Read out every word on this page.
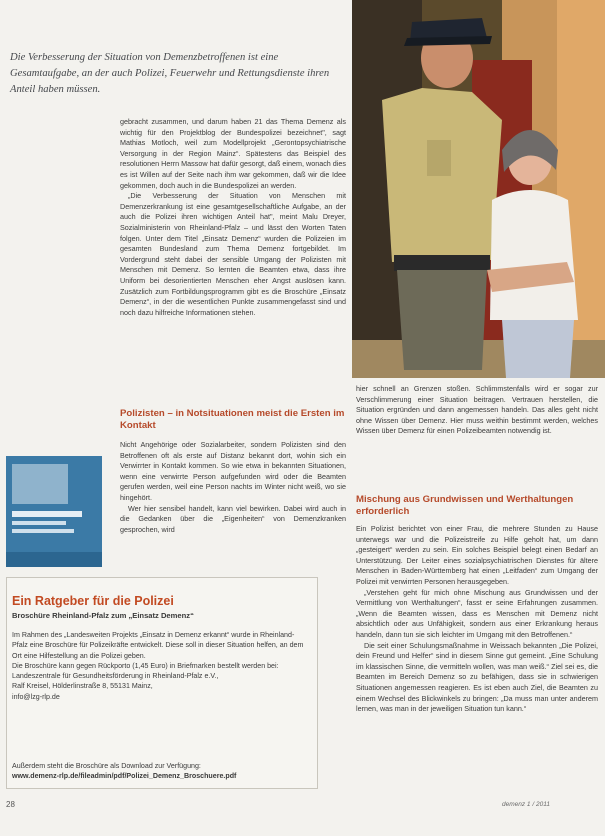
Die Verbesserung der Situation von Demenzbetroffenen ist eine Gesamtaufgabe, an der auch Polizei, Feuerwehr und Rettungsdienste ihren Anteil haben müssen.

gebracht zusammen, und darum haben 21 das Thema Demenz als wichtig für den Projektblog der Bundespolizei bezeichnet", sagt Mathias Motloch, weil zum Modellprojekt „Gerontopsychiatrische Versorgung in der Region Mainz“. Spätestens das Beispiel des resolutionen Herrn Massow hat dafür gesorgt, daß einem, wonach dies es ist Willen auf der Seite nach ihm war gekommen, daß wir die Idee gekommen, doch auch in die Bundespolizei an werden.

„Die Verbesserung der Situation von Menschen mit Demenzerkrankung ist eine gesamtgesellschaftliche Aufgabe, an der auch die Polizei ihren wichtigen Anteil hat", meint Malu Dreyer, Sozialministerin von Rheinland-Pfalz – und lässt den Worten Taten folgen. Unter dem Titel „Einsatz Demenz“ wurden die Polizeien im gesamten Bundesland zum Thema Demenz fortgebildet. Im Vordergrund steht dabei der sensible Umgang der Polizisten mit Menschen mit Demenz. So lernten die Beamten etwa, dass ihre Uniform bei desorientierten Menschen eher Angst auslösen kann. Zusätzlich zum Fortbildungsprogramm gibt es die Broschüre „Einsatz Demenz“, in der die wesentlichen Punkte zusammengefasst sind und noch dazu hilfreiche Informationen stehen.

Polizisten – in Notsituationen meist die Ersten im Kontakt

Nicht Angehörige oder Sozialarbeiter, sondern Polizisten sind den Betroffenen oft als erste auf Distanz bekannt dort, wohin sich ein Verwirrter in Kontakt kommen. So wie etwa in bekannten Situationen, wenn eine verwirrte Person aufgefunden wird oder die Beamten gerufen werden, weil eine Person nachts im Winter nicht weiß, wo sie hingehört.

Wer hier sensibel handelt, kann viel bewirken. Dabei wird auch in die Gedanken über die „Eigenheiten“ von Demenzkranken gesprochen, wird

hier schnell an Grenzen stoßen. Schlimmstenfalls wird er sogar zur Verschlimmerung einer Situation beitragen. Vertrauen herstellen, die Situation ergründen und dann angemessen handeln. Das alles geht nicht ohne Wissen über Demenz. Hier muss weithin bestimmt werden, welches Wissen über Demenz für einen Polizeibeamten notwendig ist.

Mischung aus Grundwissen und Werthaltungen erforderlich

Ein Polizist berichtet von einer Frau, die mehrere Stunden zu Hause unterwegs war und die Polizeistreife zu Hilfe geholt hat, um dann „gesteigert“ werden zu sein. Ein solches Beispiel belegt einen Bedarf an Unterstützung. Der Leiter eines sozialpsychiatrischen Dienstes für ältere Menschen in Baden-Württemberg hat einen „Leitfaden“ zum Umgang der Polizei mit verwirrten Personen herausgegeben.

„Verstehen geht für mich ohne Mischung aus Grundwissen und der Vermittlung von Werthaltungen“, fasst er seine Erfahrungen zusammen. „Wenn die Beamten wissen, dass es Menschen mit Demenz nicht absichtlich oder aus Unfähigkeit, sondern aus einer Erkrankung heraus handeln, dann tun sie sich leichter im Umgang mit den Betroffenen.“

Die seit einer Schulungsmaßnahme in Weissach bekannten „Die Polizei, dein Freund und Helfer“ sind in diesem Sinne gut gemeint. „Eine Schulung im klassischen Sinne, die vermitteln wollen, was man weiß.“ Ziel sei es, die Beamten im Bereich Demenz so zu befähigen, dass sie in schwierigen Situationen angemessen reagieren. Es ist eben auch Ziel, die Beamten zu einem Wechsel des Blickwinkels zu bringen: „Da muss man unter anderem lernen, was man in der jeweiligen Situation tun kann.“

Ein Ratgeber für die Polizei
Broschüre Rheinland-Pfalz zum „Einsatz Demenz“

Im Rahmen des „Landesweiten Projekts „Einsatz in Demenz erkannt“ wurde in Rheinland-Pfalz eine Broschüre für Polizeikräfte entwickelt. Diese soll in dieser Situation helfen, an dem Ort eine Hilfestellung an die Polizei geben.

Die Broschüre kann gegen Rückporto (1,45 Euro) in Briefmarken bestellt werden bei:

Landeszentrale für Gesundheitsförderung in Rheinland-Pfalz e.V.,

Ralf Kreisel, Hölderlinstraße 8, 55131 Mainz,

info@lzg-rlp.de

Außerdem steht die Broschüre als Download zur Verfügung:
www.demenz-rlp.de/fileadmin/pdf/Polizei_Demenz_Broschuere.pdf
28	demenz 1 / 2011
